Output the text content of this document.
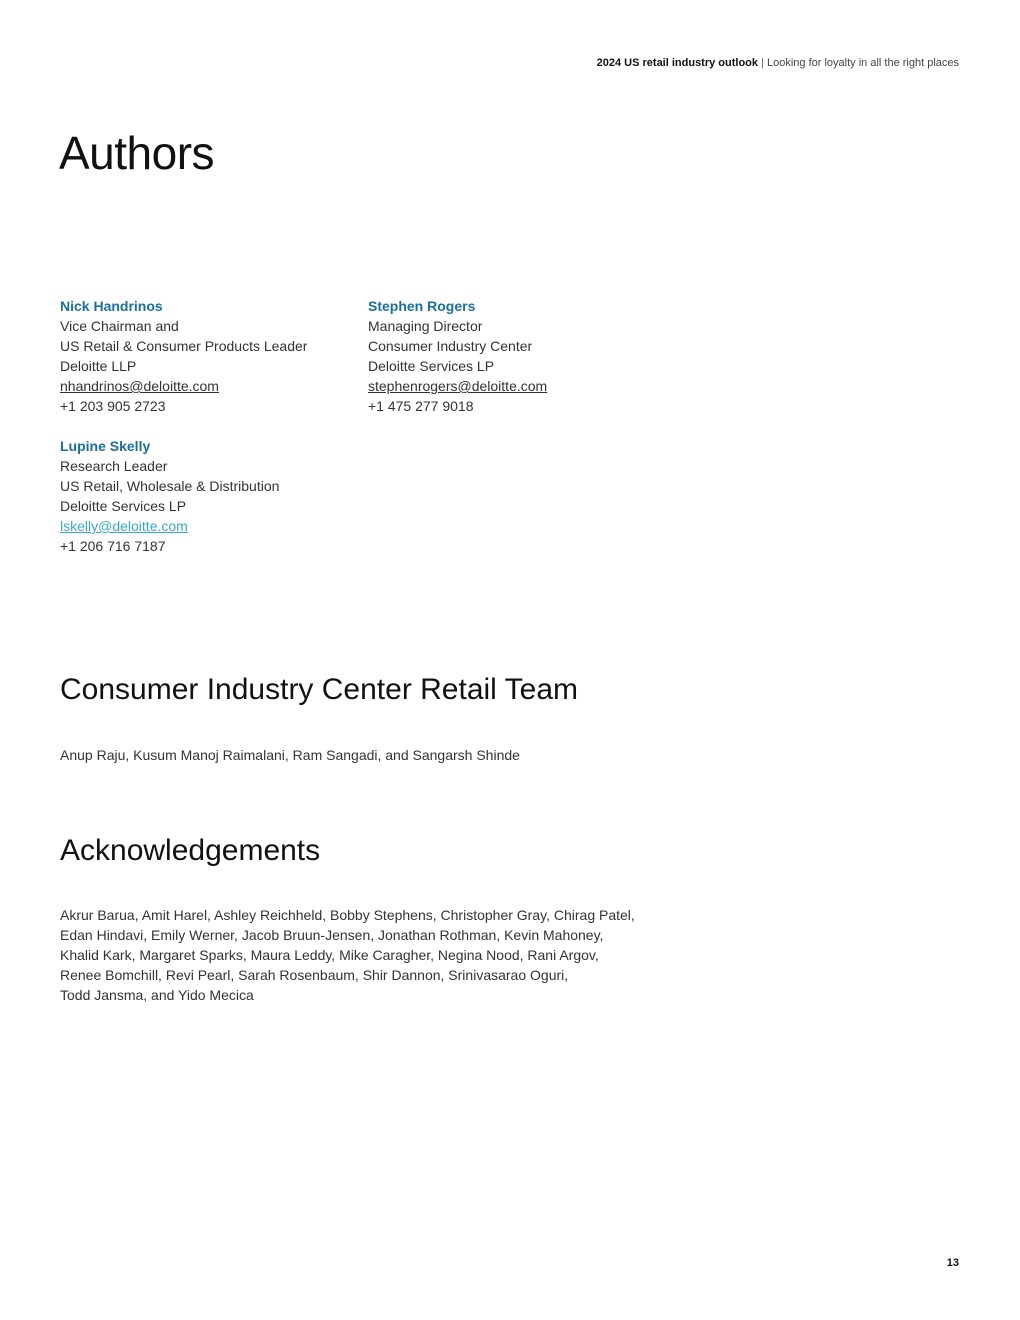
2024 US retail industry outlook | Looking for loyalty in all the right places
Authors
Nick Handrinos
Vice Chairman and
US Retail & Consumer Products Leader
Deloitte LLP
nhandrinos@deloitte.com
+1 203 905 2723
Stephen Rogers
Managing Director
Consumer Industry Center
Deloitte Services LP
stephenrogers@deloitte.com
+1 475 277 9018
Lupine Skelly
Research Leader
US Retail, Wholesale & Distribution
Deloitte Services LP
lskelly@deloitte.com
+1 206 716 7187
Consumer Industry Center Retail Team
Anup Raju, Kusum Manoj Raimalani, Ram Sangadi, and Sangarsh Shinde
Acknowledgements
Akrur Barua, Amit Harel, Ashley Reichheld, Bobby Stephens, Christopher Gray, Chirag Patel,
Edan Hindavi, Emily Werner, Jacob Bruun-Jensen, Jonathan Rothman, Kevin Mahoney,
Khalid Kark, Margaret Sparks, Maura Leddy, Mike Caragher, Negina Nood, Rani Argov,
Renee Bomchill, Revi Pearl, Sarah Rosenbaum, Shir Dannon, Srinivasarao Oguri,
Todd Jansma, and Yido Mecica
13
